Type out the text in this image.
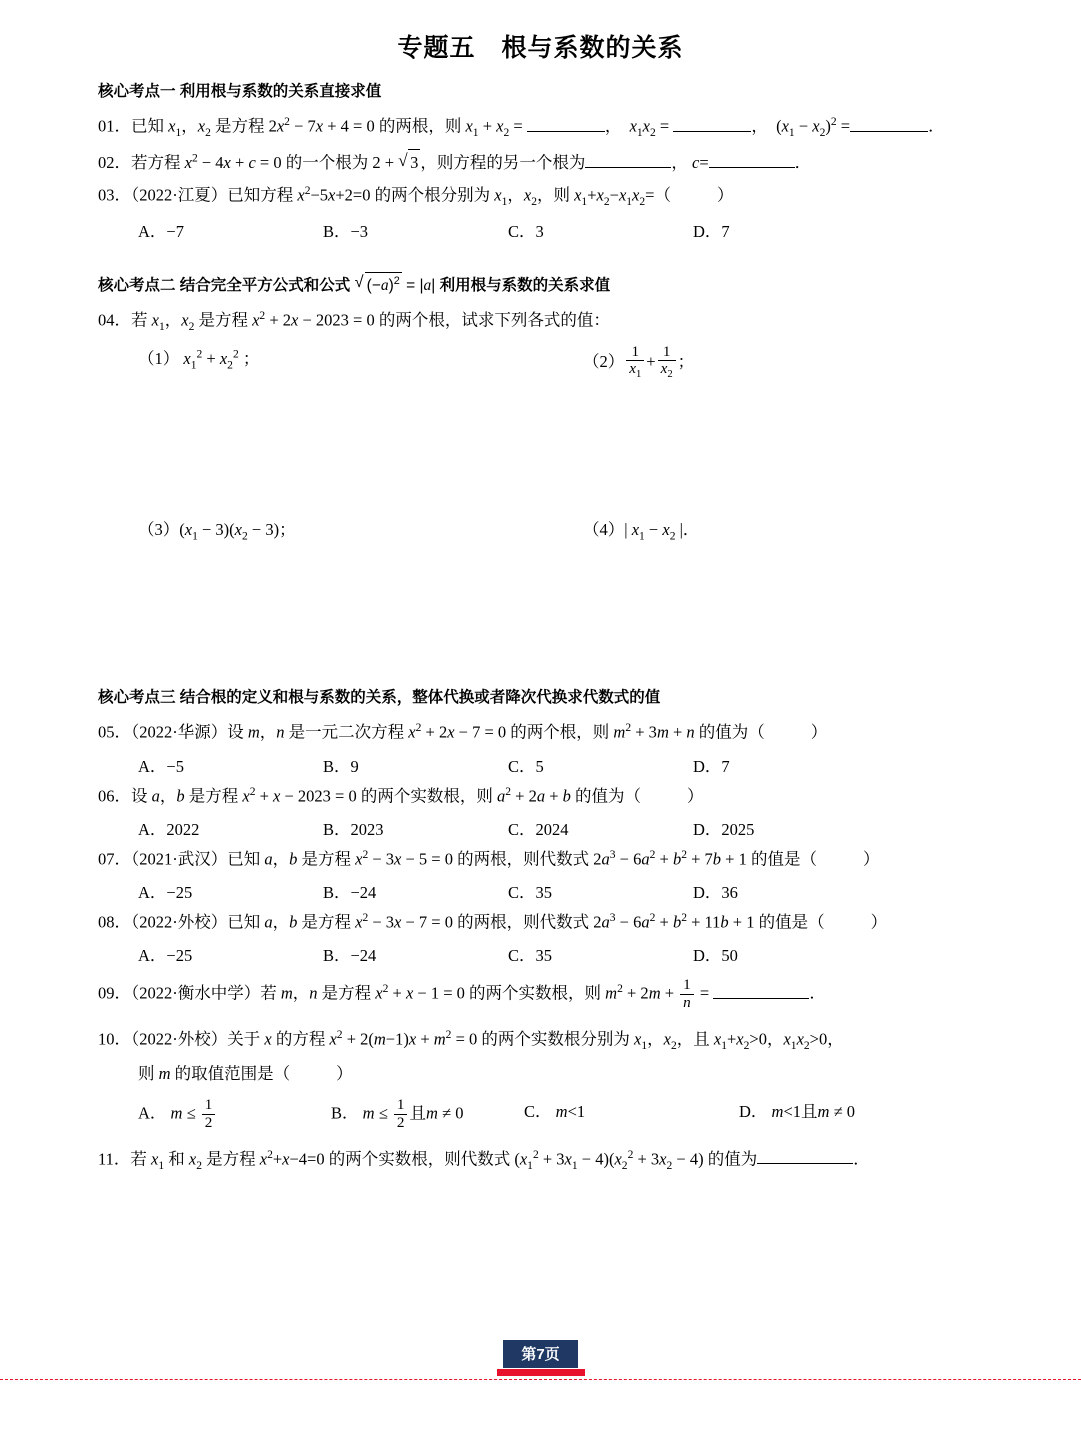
专题五　根与系数的关系
核心考点一 利用根与系数的关系直接求值
01．已知 $x_1$，$x_2$ 是方程 $2x^2 - 7x + 4 = 0$ 的两根，则 $x_1 + x_2$ =	，  $x_1x_2$ =	，  $(x_1 - x_2)^2$ =	．
02．若方程 $x^2 - 4x + c = 0$ 的一个根为 2 + √ 3 ，则方程的另一个根为	， c=	．
03．（2022·江夏）已知方程 $x^2-5x+2=0$ 的两个根分别为 $x_1$，$x_2$，则 $x_1+x_2-x_1x_2=$（	）
A．−7	B．−3	C．3	D．7
核心考点二 结合完全平方公式和公式 √ $(-a)^2 = |a|$ 利用根与系数的关系求值
04．若 $x_1$，$x_2$ 是方程 $x^2 + 2x - 2023 = 0$ 的两个根，试求下列各式的值：
（1） $x_1^2 + x_2^2$ ；	$(2) \frac{1}{x_1} + \frac{1}{x_2}$ ；
$(3)(x_1 - 3)(x_2 - 3)$；	（4）| $x_1 - x_2$ |．
核心考点三 结合根的定义和根与系数的关系，整体代换或者降次代换求代数式的值
05．（2022·华源）设 m，n 是一元二次方程 $x^2 + 2x - 7 = 0$ 的两个根，则 $m^2 + 3m + n$ 的值为（	）
A．−5	B．9	C．5	D．7
06．设 a，b 是方程 $x^2 + x - 2023 = 0$ 的两个实数根，则 $a^2 + 2a + b$ 的值为（	）
A．2022	B．2023	C．2024	D．2025
07．（2021·武汉）已知 a，b 是方程 $x^2 - 3x - 5 = 0$ 的两根，则代数式 $2a^3 - 6a^2 + b^2 + 7b + 1$ 的值是（	）
A．−25	B．−24	C．35	D．36
08．（2022·外校）已知 a，b 是方程 $x^2 - 3x - 7 = 0$ 的两根，则代数式 $2a^3 - 6a^2 + b^2 + 11b + 1$ 的值是（	）
A．−25	B．−24	C．35	D．50
09．（2022·衡水中学）若 m，n 是方程 $x^2 + x - 1 = 0$ 的两个实数根，则 $m^2 + 2m + \frac{1}{n}$ =	．
10．（2022·外校）关于 x 的方程 $x^2 + 2(m-1)x + m^2 = 0$ 的两个实数根分别为 $x_1$，$x_2$，且 $x_1+x_2>0$，$x_1x_2>0$，
则 m 的取值范围是（	）
A． $m \le \frac{1}{2}$	B． $m \le \frac{1}{2}$ 且m ≠ 0	C． m<1	D． m<1且m ≠ 0
11．若 $x_1$ 和 $x_2$ 是方程 $x^2+x-4=0$ 的两个实数根，则代数式 $(x_1^2 + 3x_1 - 4)(x_2^2 + 3x_2 - 4)$ 的值为	．
第7页
